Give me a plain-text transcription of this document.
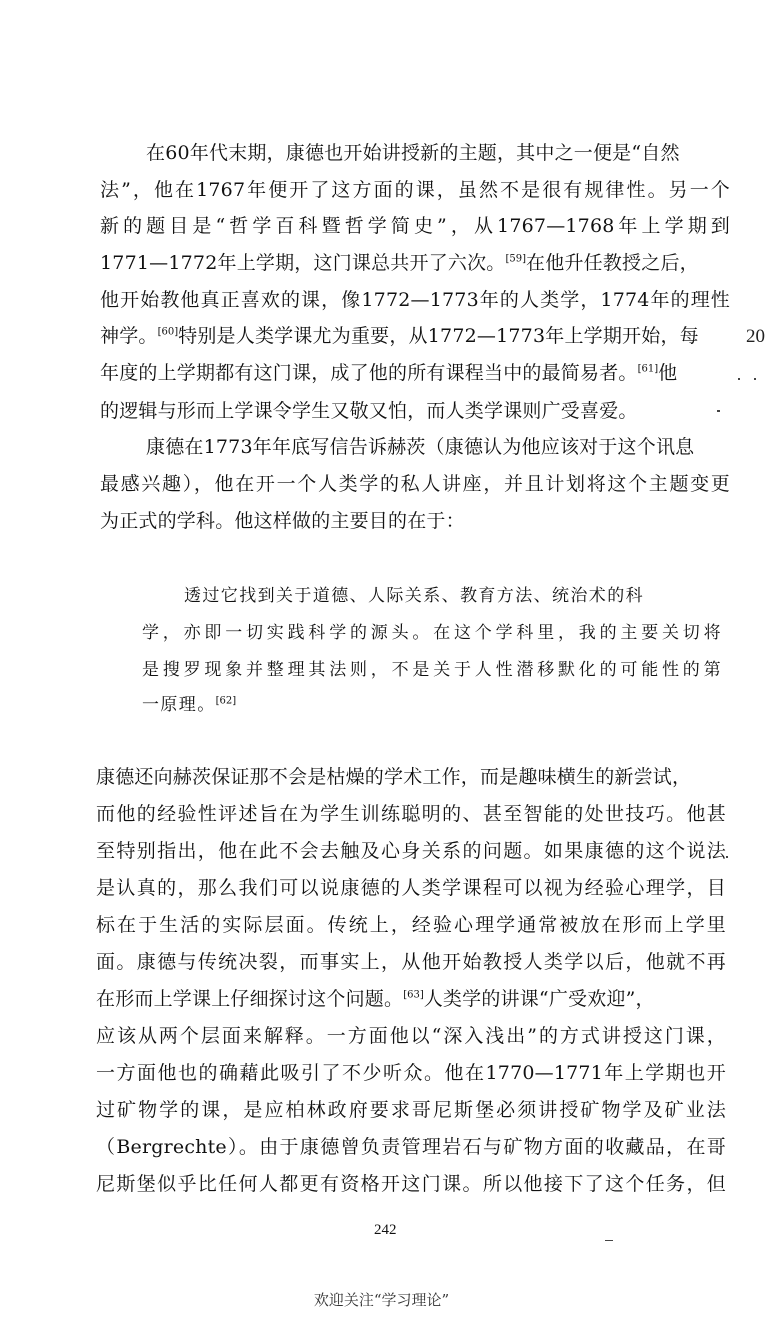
在60年代末期，康德也开始讲授新的主题，其中之一便是“自然
法”，他在1767年便开了这方面的课，虽然不是很有规律性。另一个
新的题目是“哲学百科暨哲学简史”，从1767—1768年上学期到
1771—1772年上学期，这门课总共开了六次。[59]在他升任教授之后，
他开始教他真正喜欢的课，像1772—1773年的人类学，1774年的理性
神学。[60]特别是人类学课尤为重要，从1772—1773年上学期开始，每
年度的上学期都有这门课，成了他的所有课程当中的最简易者。[61]他
的逻辑与形而上学课令学生又敬又怕，而人类学课则广受喜爱。
康德在1773年年底写信告诉赫茨（康德认为他应该对于这个讯息
最感兴趣），他在开一个人类学的私人讲座，并且计划将这个主题变更
为正式的学科。他这样做的主要目的在于：
透过它找到关于道德、人际关系、教育方法、统治术的科
学，亦即一切实践科学的源头。在这个学科里，我的主要关切将
是搜罗现象并整理其法则，不是关于人性潜移默化的可能性的第
一原理。[62]
康德还向赫茨保证那不会是枯燥的学术工作，而是趣味横生的新尝试，
而他的经验性评述旨在为学生训练聪明的、甚至智能的处世技巧。他甚
至特别指出，他在此不会去触及心身关系的问题。如果康德的这个说法
是认真的，那么我们可以说康德的人类学课程可以视为经验心理学，目
标在于生活的实际层面。传统上，经验心理学通常被放在形而上学里
面。康德与传统决裂，而事实上，从他开始教授人类学以后，他就不再
在形而上学课上仔细探讨这个问题。[63]人类学的讲课“广受欢迎”，
应该从两个层面来解释。一方面他以“深入浅出”的方式讲授这门课，
一方面他也的确藉此吸引了不少听众。他在1770—1771年上学期也开
过矿物学的课，是应柏林政府要求哥尼斯堡必须讲授矿物学及矿业法
（Bergrechte）。由于康德曾负责管理岩石与矿物方面的收藏品，在哥
尼斯堡似乎比任何人都更有资格开这门课。所以他接下了这个任务，但
20
242
欢迎关注“学习理论”
